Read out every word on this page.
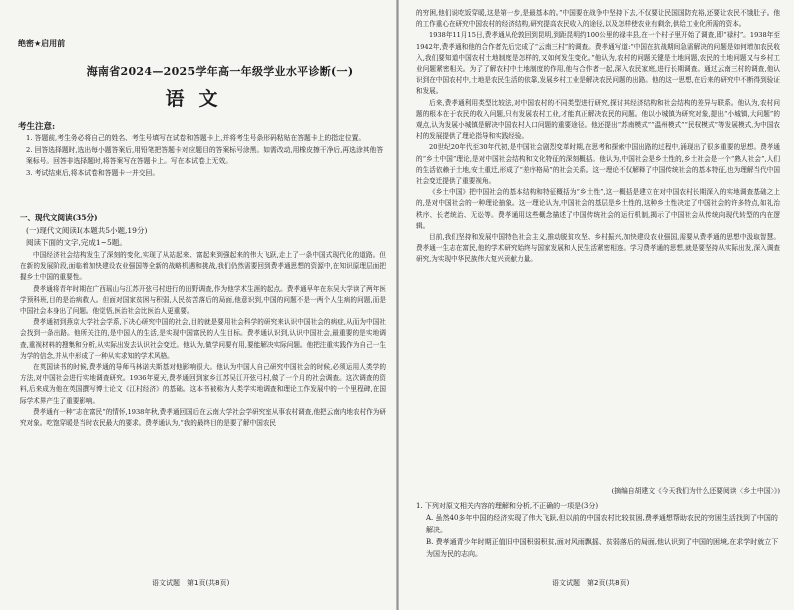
绝密★启用前
海南省2024—2025学年高一年级学业水平诊断(一)
语文
考生注意:

1. 答题前,考生务必将自己的姓名、考生号填写在试卷和答题卡上,并将考生号条形码粘贴在答题卡上的指定位置。

2. 回答选择题时,选出每小题答案后,用铅笔把答题卡对应题目的答案标号涂黑。如需改动,用橡皮擦干净后,再选涂其他答案标号。回答非选择题时,将答案写在答题卡上。写在本试卷上无效。

3. 考试结束后,将本试卷和答题卡一并交回。

一、现代文阅读(35分)
(一)现代文阅读Ⅰ(本题共5小题,19分)
阅读下面的文字,完成1~5题。

中国经济社会结构发生了深刻的变化,实现了从站起来、富起来到强起来的伟大飞跃,走上了一条中国式现代化的道路。但在新的发展阶段,面临着加快建设农业强国等全新的战略机遇和挑战,我们仍然需要回到费孝通思想的资源中,在知识原理层面把握乡土中国的重要性。

费孝通将青年时期在广西瑶山与江苏开弦弓村进行的田野调查,作为他学术生涯的起点。费孝通早年在东吴大学读了两年医学预科班,目的是治病救人。但面对国家贫困与积弱,人民贫苦落后的局面,他意识到,中国的问题不是一两个人生病的问题,而是中国社会本身出了问题。他觉悟,医治社会比医治人更重要。

费孝通初到燕京大学社会学系,下决心研究中国的社会,目的就是要用社会科学的研究来认识中国社会的病症,从而为中国社会找到一条出路。他所关注的,是中国人的生活,是实现中国富民的人生目标。费孝通认识到,认识中国社会,最重要的是实地调查,重视材料的搜集和分析,从实际出发去认识社会变迁。他认为,做学问要有用,要能解决实际问题。他把注重实践作为自己一生为学的信念,并从中形成了一种从实求知的学术风格。

在英国读书的时候,费孝通的导师马林诺夫斯基对他影响很大。他认为中国人自己研究中国社会的时候,必须运用人类学的方法,对中国社会进行实地调查研究。1936年夏天,费孝通回到家乡江苏吴江开弦弓村,做了一个月的社会调查。这次调查的资料,后来成为他在英国撰写博士论文《江村经济》的基础。这本书被称为人类学实地调查和理论工作发展中的一个里程碑,在国际学术界产生了重要影响。

费孝通有一种“志在富民”的情怀,1938年秋,费孝通回国后在云南大学社会学研究室从事农村调查,他把云南内地农村作为研究对象。吃饱穿暖是当时农民最大的要求。费孝通认为,“我的最终目的是要了解中国农民

语文试题　第1页(共8页)

的穷困,他们说吃饭穿暖,这是第一步,是最基本的。”中国要在战争中坚持下去,不仅要让民国国防充裕,还要让农民不饿肚子。他的工作重心在研究中国农村的经济结构,研究提高农民收入的途径,以及怎样使农业有剩余,供给工业化所需的资本。

1938年11月15日,费孝通从伦敦回到昆明,到距昆明约100公里的禄丰县,在一个村子里开始了调查,即“禄村”。1938年至1942年,费孝通和他的合作者先后完成了“云南三村”的调查。费孝通写道:“中国在抗战期间急需解决的问题是如何增加农民收入,我们要知道中国农村土地制度是怎样的,又如何发生变化。”他认为,农村的问题关键是土地问题,农民的土地问题又与乡村工业问题紧密相关。为了了解农村中土地制度的作用,他与合作者一起,深入农民家庭,进行长期调查。通过云南三村的调查,他认识到在中国农村中,土地是农民生活的依靠,发展乡村工业是解决农民问题的出路。他的这一思想,在后来的研究中不断得到验证和发展。

后来,费孝通利用类型比较法,对中国农村的不同类型进行研究,探讨其经济结构和社会结构的差异与联系。他认为,农村问题的根本在于农民的收入问题,只有发展农村工业,才能真正解决农民的问题。他以小城镇为研究对象,提出“小城镇,大问题”的观点,认为发展小城镇是解决中国农村人口问题的重要途径。他还提出“苏南模式”“温州模式”“民权模式”等发展模式,为中国农村的发展提供了理论指导和实践经验。

20世纪20年代至30年代初,是中国社会剧烈变革时期,在思考和探索中国出路的过程中,涌现出了很多重要的思想。费孝通的“乡土中国”理论,是对中国社会结构和文化特征的深刻概括。他认为,中国社会是乡土性的,乡土社会是一个“熟人社会”,人们的生活依赖于土地,安土重迁,形成了“差序格局”的社会关系。这一理论不仅解释了中国传统社会的基本特征,也为理解当代中国社会变迁提供了重要视角。

《乡土中国》把中国社会的基本结构和特征概括为“乡土性”,这一概括是建立在对中国农村长期深入的实地调查基础之上的,是对中国社会的一种理论抽象。这一理论认为,中国社会的基层是乡土性的,这种乡土性决定了中国社会的许多特点,如礼治秩序、长老统治、无讼等。费孝通用这些概念描述了中国传统社会的运行机制,揭示了中国社会从传统向现代转型的内在逻辑。

目前,我们坚持和发展中国特色社会主义,推动脱贫攻坚、乡村振兴,加快建设农业强国,需要从费孝通的思想中汲取智慧。费孝通一生志在富民,他的学术研究始终与国家发展和人民生活紧密相连。学习费孝通的思想,就是要坚持从实际出发,深入调查研究,为实现中华民族伟大复兴贡献力量。

(摘编自胡建文《今天我们为什么还要阅读〈乡土中国〉》)

1. 下列对原文相关内容的理解和分析,不正确的一项是(3分)

A. 虽然40多年中国的经济实现了伟大飞跃,但以前的中国农村比较贫困,费孝通想帮助农民的穷困生活找到了中国的解决。

B. 费孝通青少年时期正值旧中国积弱积贫,面对风雨飘摇、贫弱落后的局面,他认识到了中国的困境,在求学时就立下为国为民的志向。

语文试题　第2页(共8页)
